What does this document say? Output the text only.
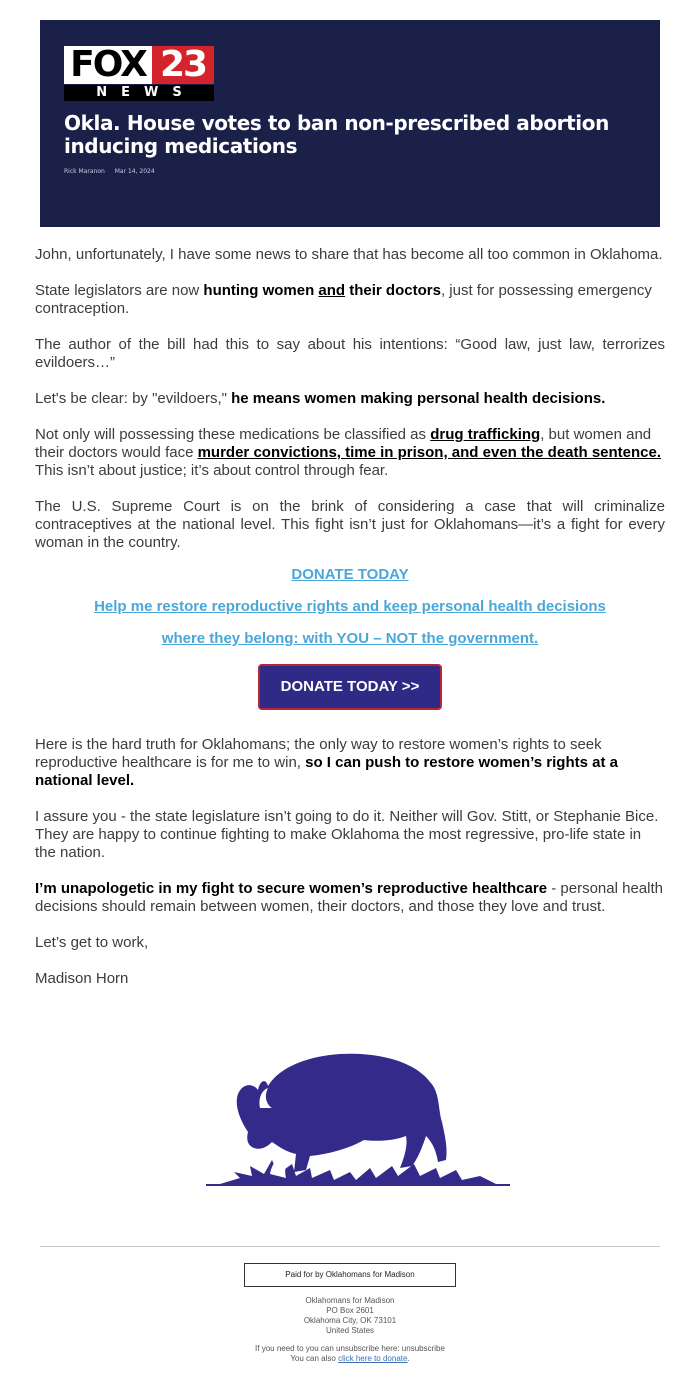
FOX 23
NEWS
Okla. House votes to ban non-prescribed abortion inducing medications
Rick Maranon Mar 14, 2024

John, unfortunately, I have some news to share that has become all too common in Oklahoma.

State legislators are now hunting women and their doctors, just for possessing emergency contraception.

The author of the bill had this to say about his intentions: “Good law, just law, terrorizes evildoers…”

Let's be clear: by "evildoers," he means women making personal health decisions.

Not only will possessing these medications be classified as drug trafficking, but women and their doctors would face murder convictions, time in prison, and even the death sentence. This isn’t about justice; it’s about control through fear.

The U.S. Supreme Court is on the brink of considering a case that will criminalize contraceptives at the national level. This fight isn’t just for Oklahomans—it’s a fight for every woman in the country.

DONATE TODAY
Help me restore reproductive rights and keep personal health decisions
where they belong: with YOU – NOT the government.
DONATE TODAY >>

Here is the hard truth for Oklahomans; the only way to restore women’s rights to seek reproductive healthcare is for me to win, so I can push to restore women’s rights at a national level.

I assure you - the state legislature isn’t going to do it. Neither will Gov. Stitt, or Stephanie Bice. They are happy to continue fighting to make Oklahoma the most regressive, pro-life state in the nation.

I’m unapologetic in my fight to secure women’s reproductive healthcare - personal health decisions should remain between women, their doctors, and those they love and trust.

Let’s get to work,

Madison Horn

Paid for by Oklahomans for Madison
Oklahomans for Madison
PO Box 2601
Oklahoma City, OK 73101
United States
If you need to you can unsubscribe here: unsubscribe
You can also click here to donate.
